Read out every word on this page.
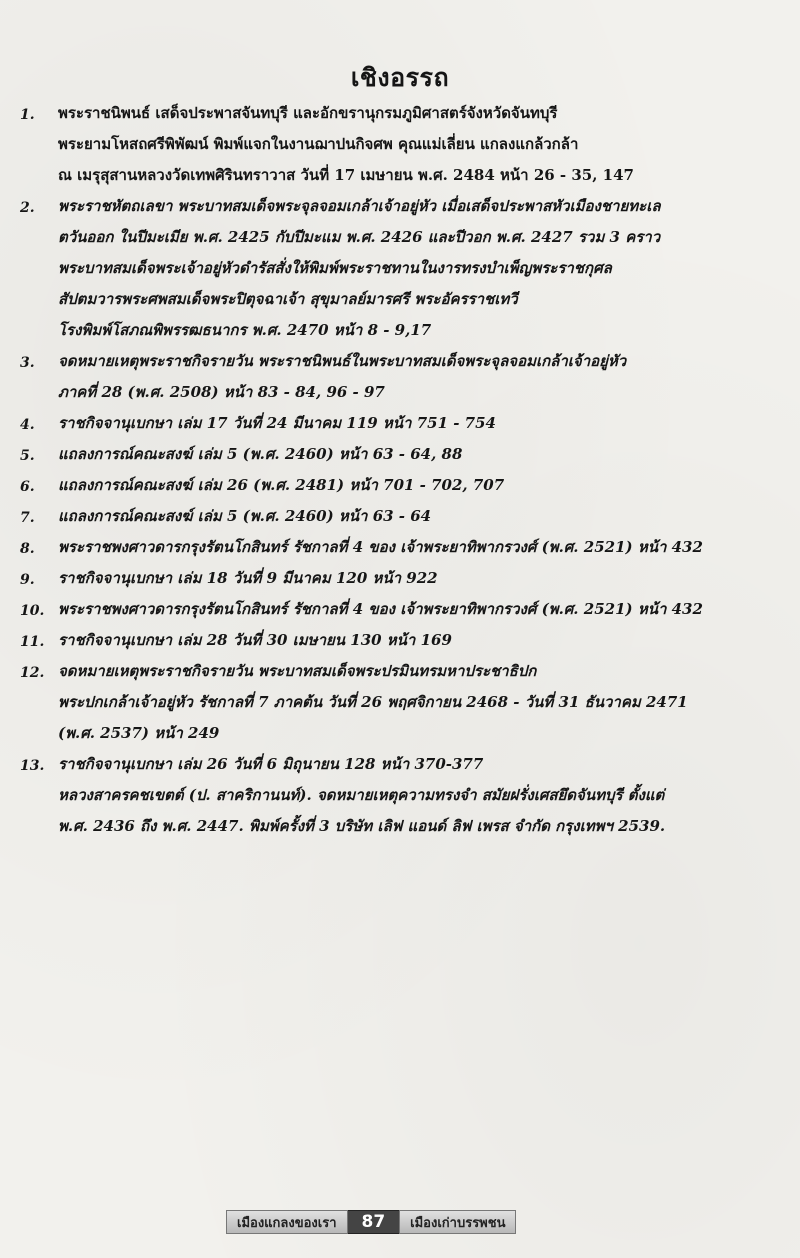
เชิงอรรถ
1.	พระราชนิพนธ์ เสด็จประพาสจันทบุรี และอักขรานุกรมภูมิศาสตร์จังหวัดจันทบุรี
พระยามโหสถศรีพิพัฒน์ พิมพ์แจกในงานฌาปนกิจศพ คุณแม่เลี่ยน แกลงแกล้วกล้า
ณ เมรุสุสานหลวงวัดเทพศิรินทราวาส วันที่ 17 เมษายน พ.ศ. 2484 หน้า 26 - 35, 147
2.	พระราชหัตถเลขา พระบาทสมเด็จพระจุลจอมเกล้าเจ้าอยู่หัว เมื่อเสด็จประพาสหัวเมืองชายทะเล
ตวันออก ในปีมะเมีย พ.ศ. 2425 กับปีมะแม พ.ศ. 2426 และปีวอก พ.ศ. 2427 รวม 3 คราว
พระบาทสมเด็จพระเจ้าอยู่หัวดำรัสสั่งให้พิมพ์พระราชทานในงารทรงบำเพ็ญพระราชกุศล
สัปตมวารพระศพสมเด็จพระปิตุจฉาเจ้า สุขุมาลย์มารศรี พระอัครราชเทวี
โรงพิมพ์โสภณพิพรรฒธนากร พ.ศ. 2470 หน้า 8 - 9,17
3.	จดหมายเหตุพระราชกิจรายวัน พระราชนิพนธ์ในพระบาทสมเด็จพระจุลจอมเกล้าเจ้าอยู่หัว
ภาคที่ 28 (พ.ศ. 2508) หน้า 83 - 84, 96 - 97
4.	ราชกิจจานุเบกษา เล่ม 17 วันที่ 24 มีนาคม 119 หน้า 751 - 754
5.	แถลงการณ์คณะสงฆ์ เล่ม 5 (พ.ศ. 2460) หน้า 63 - 64, 88
6.	แถลงการณ์คณะสงฆ์ เล่ม 26 (พ.ศ. 2481) หน้า 701 - 702, 707
7.	แถลงการณ์คณะสงฆ์ เล่ม 5 (พ.ศ. 2460) หน้า 63 - 64
8.	พระราชพงศาวดารกรุงรัตนโกสินทร์ รัชกาลที่ 4 ของ เจ้าพระยาทิพากรวงศ์ (พ.ศ. 2521) หน้า 432
9.	ราชกิจจานุเบกษา เล่ม 18 วันที่ 9 มีนาคม 120 หน้า 922
10. พระราชพงศาวดารกรุงรัตนโกสินทร์ รัชกาลที่ 4 ของ เจ้าพระยาทิพากรวงศ์ (พ.ศ. 2521) หน้า 432
11. ราชกิจจานุเบกษา เล่ม 28 วันที่ 30 เมษายน 130 หน้า 169
12. จดหมายเหตุพระราชกิจรายวัน พระบาทสมเด็จพระปรมินทรมหาประชาธิปก
พระปกเกล้าเจ้าอยู่หัว รัชกาลที่ 7 ภาคต้น วันที่ 26 พฤศจิกายน 2468 - วันที่ 31 ธันวาคม 2471
(พ.ศ. 2537) หน้า 249
13. ราชกิจจานุเบกษา เล่ม 26 วันที่ 6 มิถุนายน 128 หน้า 370-377
หลวงสาครคชเขตต์ (ป. สาคริกานนท์). จดหมายเหตุความทรงจำ สมัยฝรั่งเศสยึดจันทบุรี ตั้งแต่
พ.ศ. 2436 ถึง พ.ศ. 2447. พิมพ์ครั้งที่ 3 บริษัท เลิฟ แอนด์ ลิฟ เพรส จำกัด กรุงเทพฯ 2539.
เมืองแกลงของเรา	87	เมืองเก่าบรรพชน
